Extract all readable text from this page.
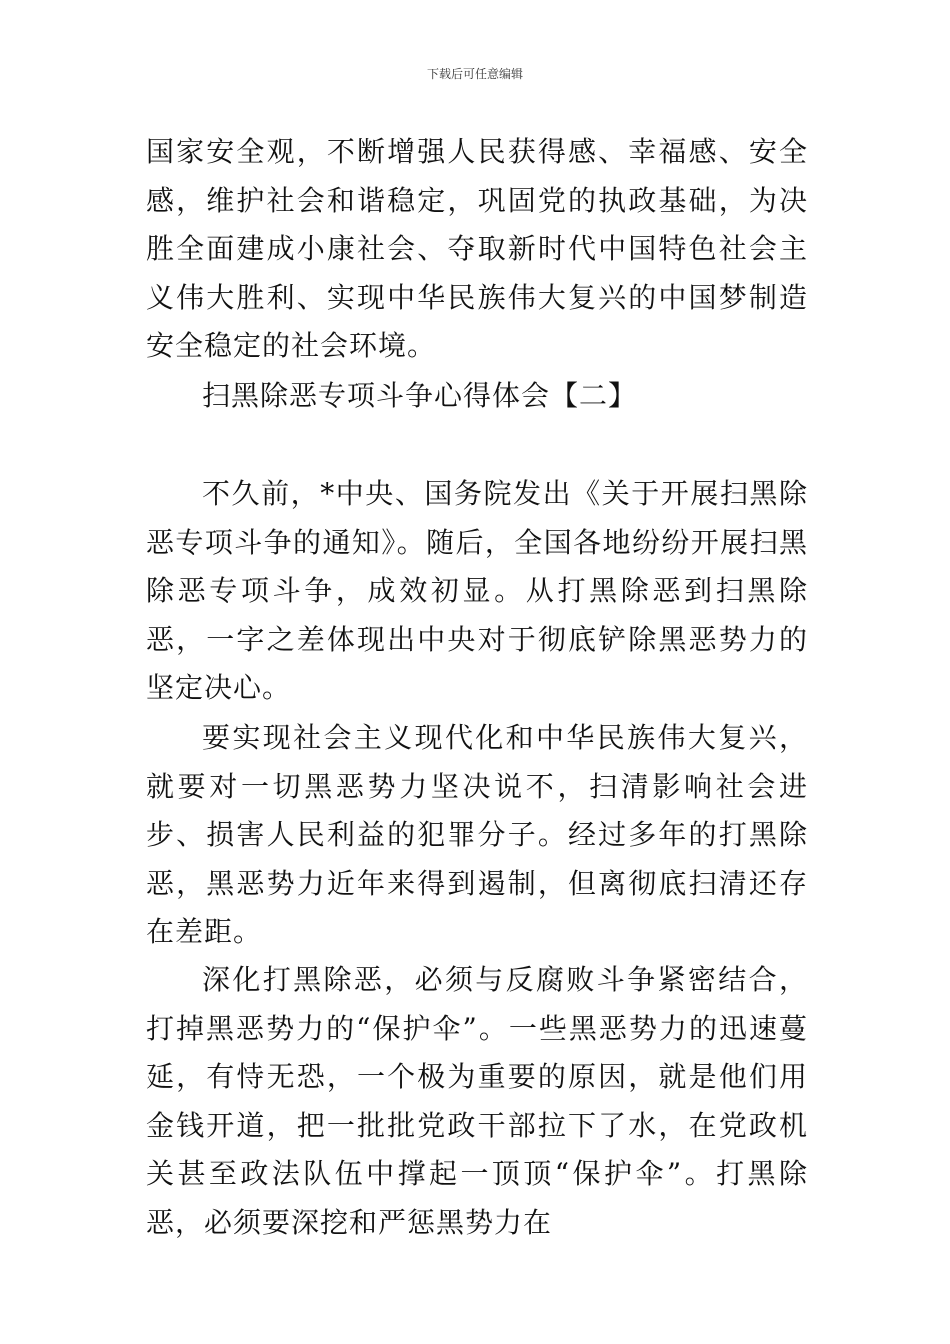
下载后可任意编辑

国家安全观，不断增强人民获得感、幸福感、安全感，维护社会和谐稳定，巩固党的执政基础，为决胜全面建成小康社会、夺取新时代中国特色社会主义伟大胜利、实现中华民族伟大复兴的中国梦制造安全稳定的社会环境。

扫黑除恶专项斗争心得体会【二】

不久前，*中央、国务院发出《关于开展扫黑除恶专项斗争的通知》。随后，全国各地纷纷开展扫黑除恶专项斗争，成效初显。从打黑除恶到扫黑除恶，一字之差体现出中央对于彻底铲除黑恶势力的坚定决心。

要实现社会主义现代化和中华民族伟大复兴，就要对一切黑恶势力坚决说不，扫清影响社会进步、损害人民利益的犯罪分子。经过多年的打黑除恶，黑恶势力近年来得到遏制，但离彻底扫清还存在差距。

深化打黑除恶，必须与反腐败斗争紧密结合，打掉黑恶势力的“保护伞”。一些黑恶势力的迅速蔓延，有恃无恐，一个极为重要的原因，就是他们用金钱开道，把一批批党政干部拉下了水，在党政机关甚至政法队伍中撑起一顶顶“保护伞”。打黑除恶，必须要深挖和严惩黑势力在
